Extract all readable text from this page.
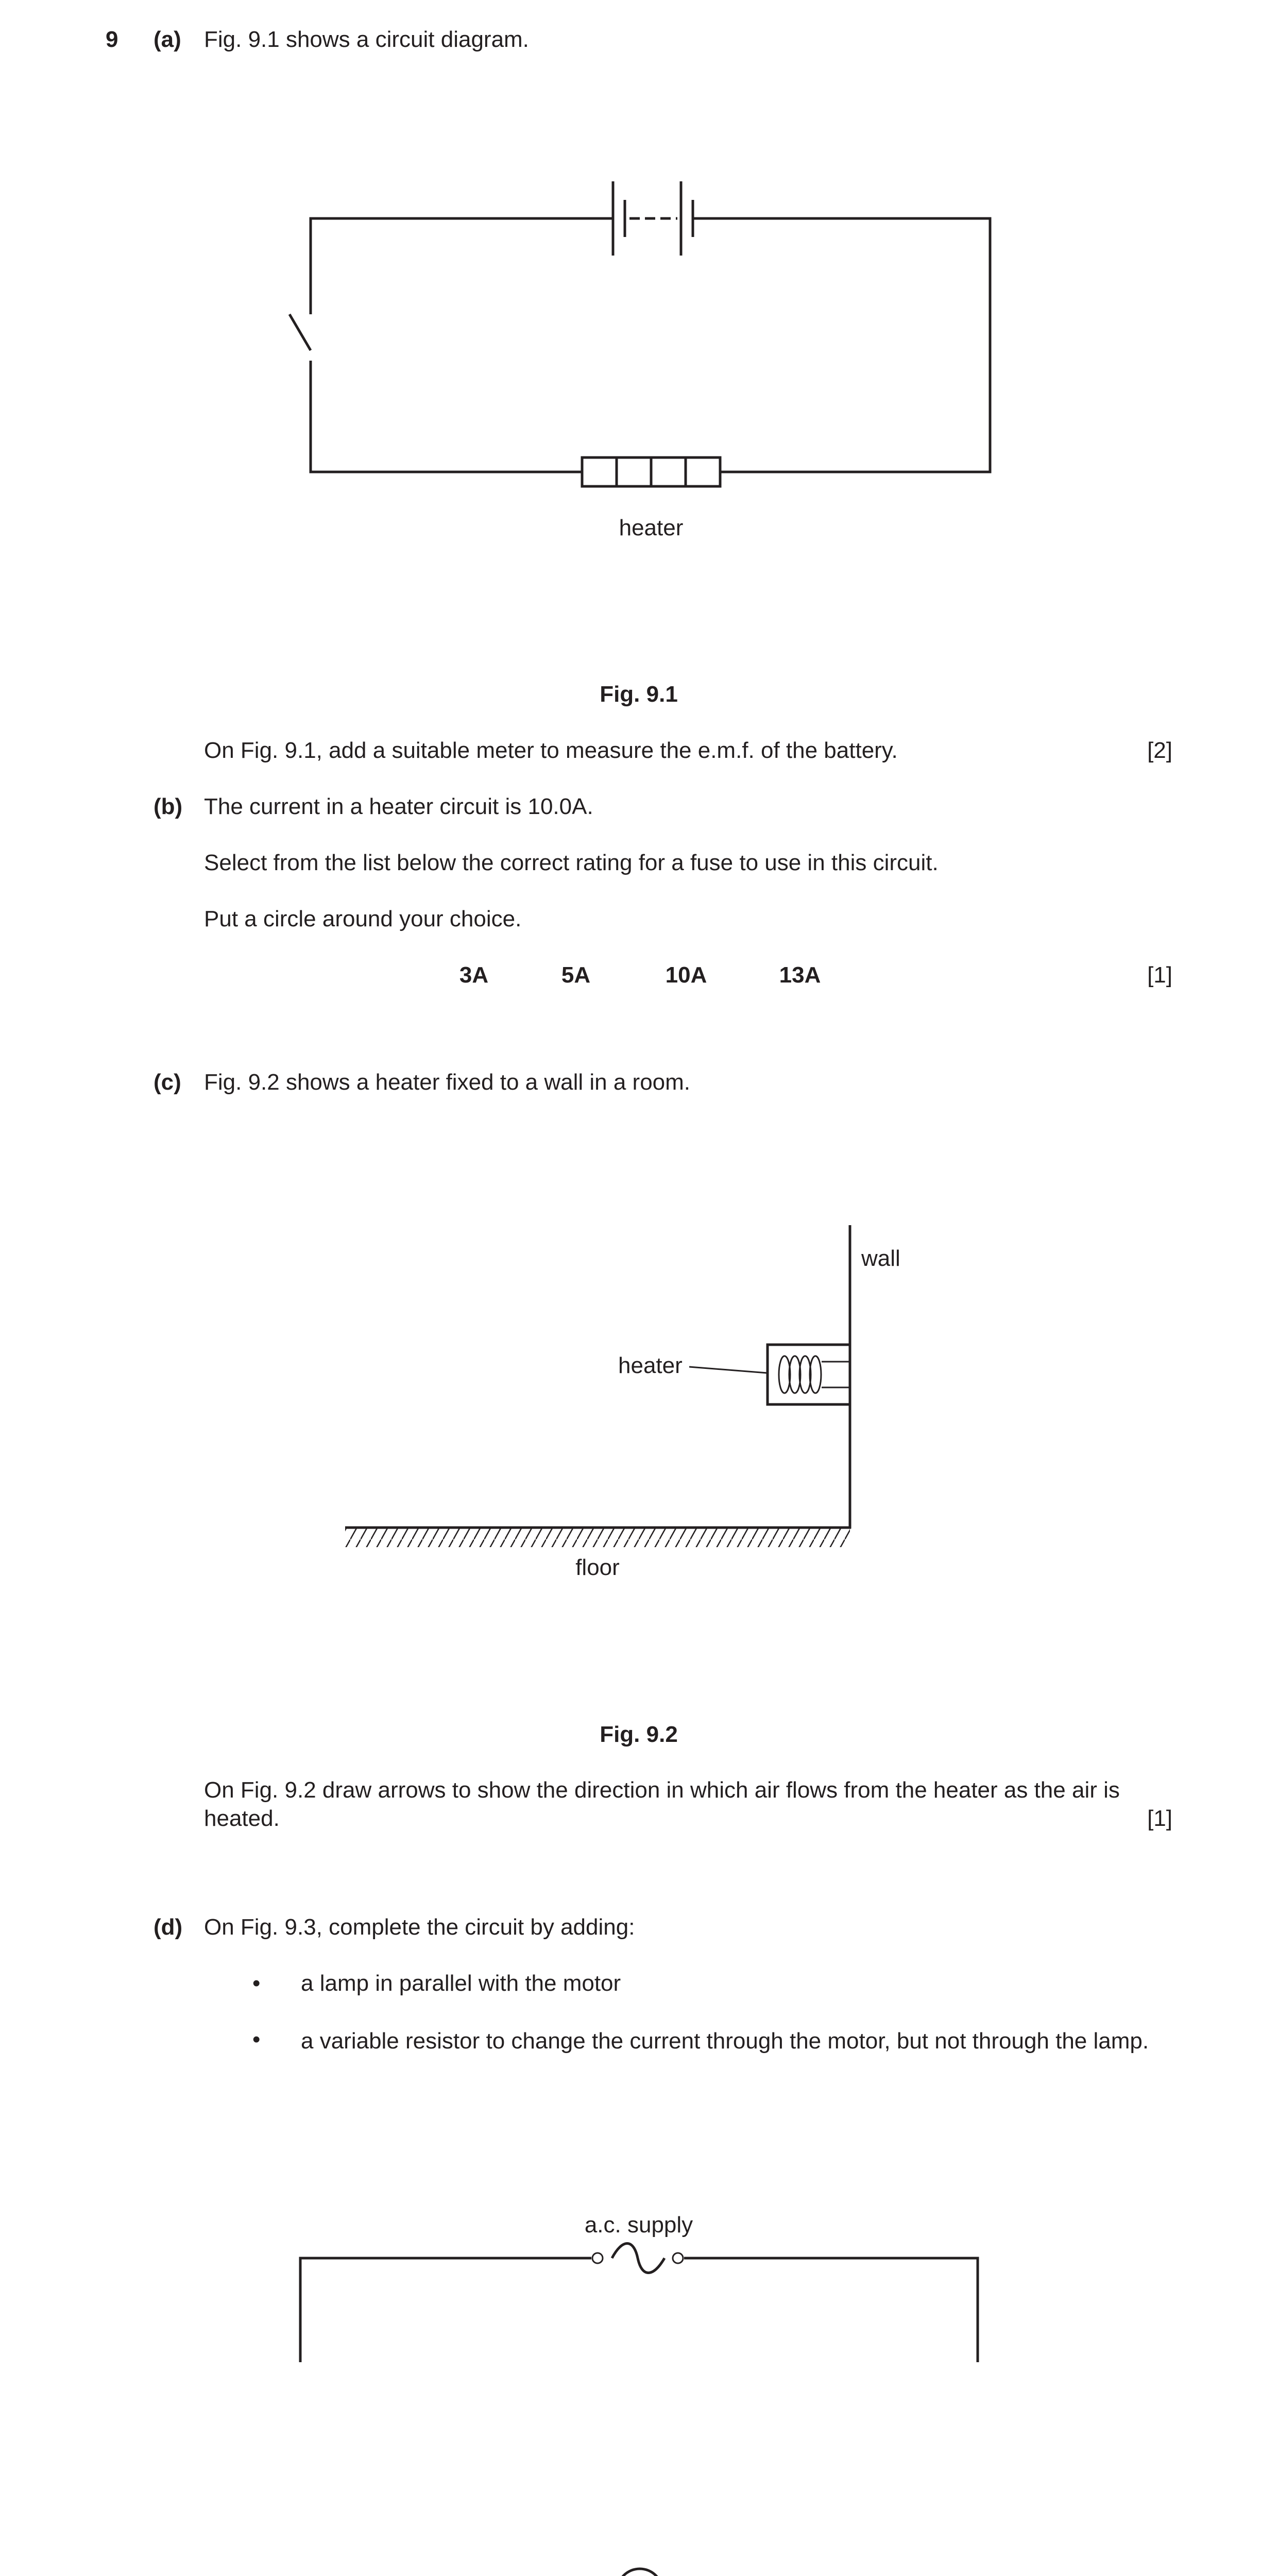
9 (a) Fig. 9.1 shows a circuit diagram.
heater
Fig. 9.1
On Fig. 9.1, add a suitable meter to measure the e.m.f. of the battery.	[2]
(b) The current in a heater circuit is 10.0A.
Select from the list below the correct rating for a fuse to use in this circuit.
Put a circle around your choice.
3A	5A	10A	13A	[1]
(c) Fig. 9.2 shows a heater fixed to a wall in a room.
wall
heater
floor
Fig. 9.2
On Fig. 9.2 draw arrows to show the direction in which air flows from the heater as the air is
heated.	[1]
(d) On Fig. 9.3, complete the circuit by adding:
• a lamp in parallel with the motor
• a variable resistor to change the current through the motor, but not through the lamp.
a.c. supply
